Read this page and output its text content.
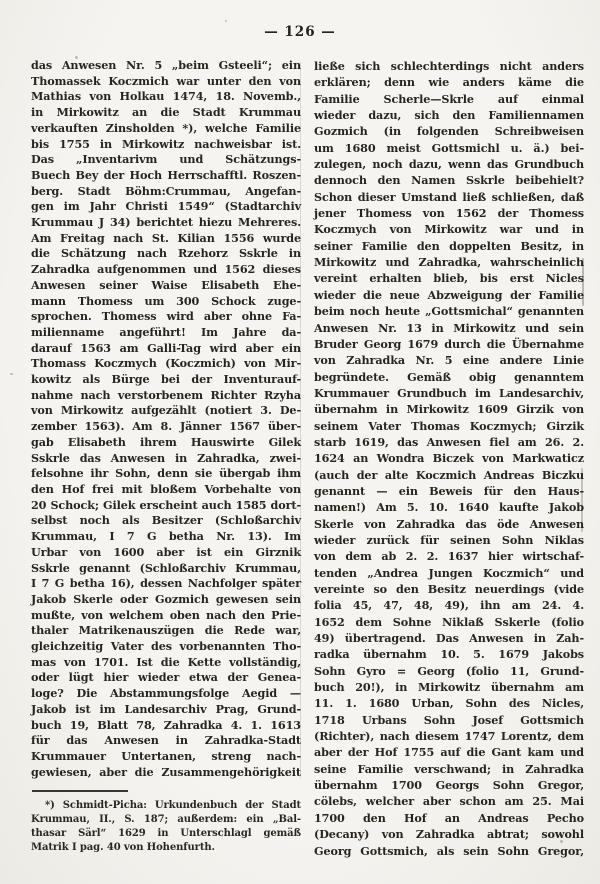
— 126 —
das Anwesen Nr. 5 „beim Gsteeli“; ein
Thomassek Koczmich war unter den von
Mathias von Holkau 1474, 18. Novemb.,
in Mirkowitz an die Stadt Krummau
verkauften Zinsholden *), welche Familie
bis 1755 in Mirkowitz nachweisbar ist.
Das „Inventarivm und Schätzungs-
Buech Bey der Hoch Herrschafftl. Roszen-
berg. Stadt Böhm:Crummau, Angefan-
gen im Jahr Christi 1549“ (Stadtarchiv
Krummau J 34) berichtet hiezu Mehreres.
Am Freitag nach St. Kilian 1556 wurde
die Schätzung nach Rzehorz Sskrle in
Zahradka aufgenommen und 1562 dieses
Anwesen seiner Waise Elisabeth Ehe-
mann Thomess um 300 Schock zuge-
sprochen. Thomess wird aber ohne Fa-
milienname angeführt! Im Jahre da-
darauf 1563 am Galli-Tag wird aber ein
Thomass Koczmych (Koczmich) von Mir-
kowitz als Bürge bei der Inventurauf-
nahme nach verstorbenem Richter Rzyha
von Mirkowitz aufgezählt (notiert 3. De-
zember 1563). Am 8. Jänner 1567 über-
gab Elisabeth ihrem Hauswirte Gilek
Sskrle das Anwesen in Zahradka, zwei-
felsohne ihr Sohn, denn sie übergab ihm
den Hof frei mit bloßem Vorbehalte von
20 Schock; Gilek erscheint auch 1585 dort-
selbst noch als Besitzer (Schloßarchiv
Krummau, I 7 G betha Nr. 13). Im
Urbar von 1600 aber ist ein Girznik
Sskrle genannt (Schloßarchiv Krummau,
I 7 G betha 16), dessen Nachfolger später
Jakob Skerle oder Gozmich gewesen sein
mußte, von welchem oben nach den Prie-
thaler Matrikenauszügen die Rede war,
gleichzeitig Vater des vorbenannten Tho-
mas von 1701. Ist die Kette vollständig,
oder lügt hier wieder etwa der Genea-
loge? Die Abstammungsfolge Aegid —
Jakob ist im Landesarchiv Prag, Grund-
buch 19, Blatt 78, Zahradka 4. 1. 1613
für das Anwesen in Zahradka-Stadt
Krummauer Untertanen, streng nach-
gewiesen, aber die Zusammengehörigkeit
*) Schmidt-Picha: Urkundenbuch der Stadt
Krummau, II., S. 187; außerdem: ein „Bal-
thasar Särl“ 1629 in Unterschlagl gemäß
Matrik I pag. 40 von Hohenfurth.
ließe sich schlechterdings nicht anders
erklären; denn wie anders käme die
Familie Scherle—Skrle auf einmal
wieder dazu, sich den Familiennamen
Gozmich (in folgenden Schreibweisen
um 1680 meist Gottsmichl u. ä.) bei-
zulegen, noch dazu, wenn das Grundbuch
dennoch den Namen Sskrle beibehielt?
Schon dieser Umstand ließ schließen, daß
jener Thomess von 1562 der Thomess
Koczmych von Mirkowitz war und in
seiner Familie den doppelten Besitz, in
Mirkowitz und Zahradka, wahrscheinlich
vereint erhalten blieb, bis erst Nicles
wieder die neue Abzweigung der Familie
beim noch heute „Gottsmichal“ genannten
Anwesen Nr. 13 in Mirkowitz und sein
Bruder Georg 1679 durch die Übernahme
von Zahradka Nr. 5 eine andere Linie
begründete. Gemäß obig genanntem
Krummauer Grundbuch im Landesarchiv,
übernahm in Mirkowitz 1609 Girzik von
seinem Vater Thomas Koczmych; Girzik
starb 1619, das Anwesen fiel am 26. 2.
1624 an Wondra Biczek von Markwaticz
(auch der alte Koczmich Andreas Biczku
genannt — ein Beweis für den Haus-
namen!) Am 5. 10. 1640 kaufte Jakob
Skerle von Zahradka das öde Anwesen
wieder zurück für seinen Sohn Niklas
von dem ab 2. 2. 1637 hier wirtschaf-
tenden „Andrea Jungen Koczmich“ und
vereinte so den Besitz neuerdings (vide
folia 45, 47, 48, 49), ihn am 24. 4.
1652 dem Sohne Niklaß Sskerle (folio
49) übertragend. Das Anwesen in Zah-
radka übernahm 10. 5. 1679 Jakobs
Sohn Gyro = Georg (folio 11, Grund-
buch 20!), in Mirkowitz übernahm am
11. 1. 1680 Urban, Sohn des Nicles,
1718 Urbans Sohn Josef Gottsmich
(Richter), nach diesem 1747 Lorentz, dem
aber der Hof 1755 auf die Gant kam und
seine Familie verschwand; in Zahradka
übernahm 1700 Georgs Sohn Gregor,
cölebs, welcher aber schon am 25. Mai
1700 den Hof an Andreas Pecho
(Decany) von Zahradka abtrat; sowohl
Georg Gottsmich, als sein Sohn Gregor,
